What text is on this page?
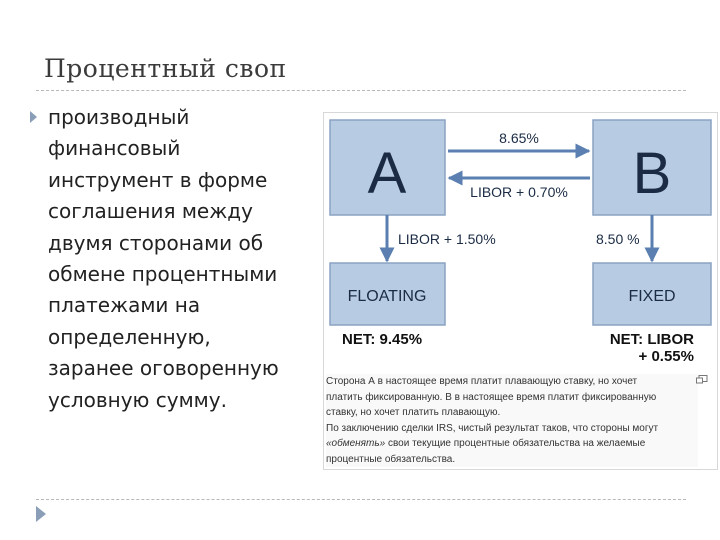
Процентный своп
производный
финансовый
инструмент в форме
соглашения между
двумя сторонами об
обмене процентными
платежами на
определенную,
заранее оговоренную
условную сумму.
A	B
8.65%
LIBOR + 0.70%
LIBOR + 1.50%	8.50 %
FLOATING	FIXED
NET: 9.45%	NET: LIBOR
+ 0.55%
Сторона А в настоящее время платит плавающую ставку, но хочет
платить фиксированную. В в настоящее время платит фиксированную
ставку, но хочет платить плавающую.
По заключению сделки IRS, чистый результат таков, что стороны могут
«обменять» свои текущие процентные обязательства на желаемые
процентные обязательства.
